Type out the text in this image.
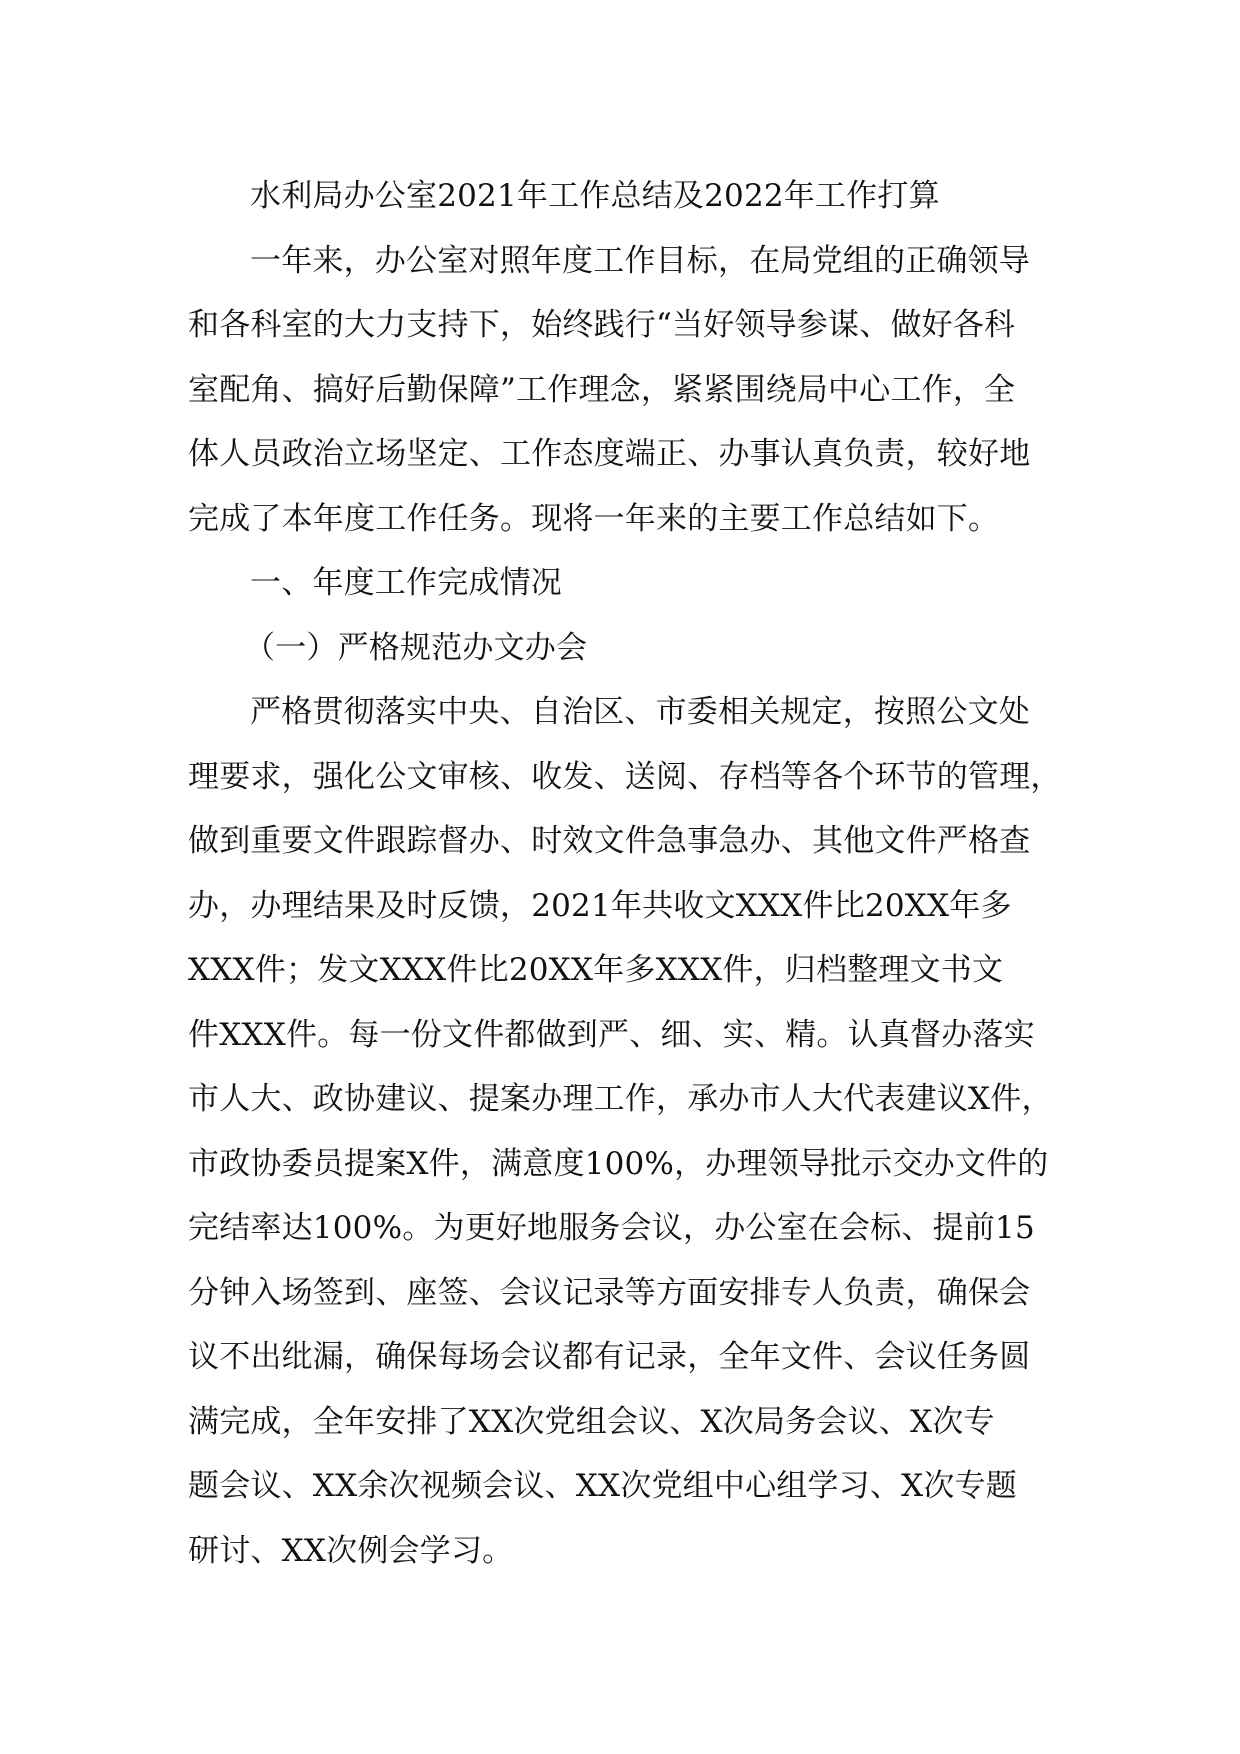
水利局办公室2021年工作总结及2022年工作打算
一年来，办公室对照年度工作目标，在局党组的正确领导
和各科室的大力支持下，始终践行“当好领导参谋、做好各科
室配角、搞好后勤保障”工作理念，紧紧围绕局中心工作，全
体人员政治立场坚定、工作态度端正、办事认真负责，较好地
完成了本年度工作任务。现将一年来的主要工作总结如下。
一、年度工作完成情况
（一）严格规范办文办会
严格贯彻落实中央、自治区、市委相关规定，按照公文处
理要求，强化公文审核、收发、送阅、存档等各个环节的管理，
做到重要文件跟踪督办、时效文件急事急办、其他文件严格查
办，办理结果及时反馈，2021年共收文XXX件比20XX年多
XXX件；发文XXX件比20XX年多XXX件，归档整理文书文
件XXX件。每一份文件都做到严、细、实、精。认真督办落实
市人大、政协建议、提案办理工作，承办市人大代表建议X件，
市政协委员提案X件，满意度100%，办理领导批示交办文件的
完结率达100%。为更好地服务会议，办公室在会标、提前15
分钟入场签到、座签、会议记录等方面安排专人负责，确保会
议不出纰漏，确保每场会议都有记录，全年文件、会议任务圆
满完成，全年安排了XX次党组会议、X次局务会议、X次专
题会议、XX余次视频会议、XX次党组中心组学习、X次专题
研讨、XX次例会学习。
